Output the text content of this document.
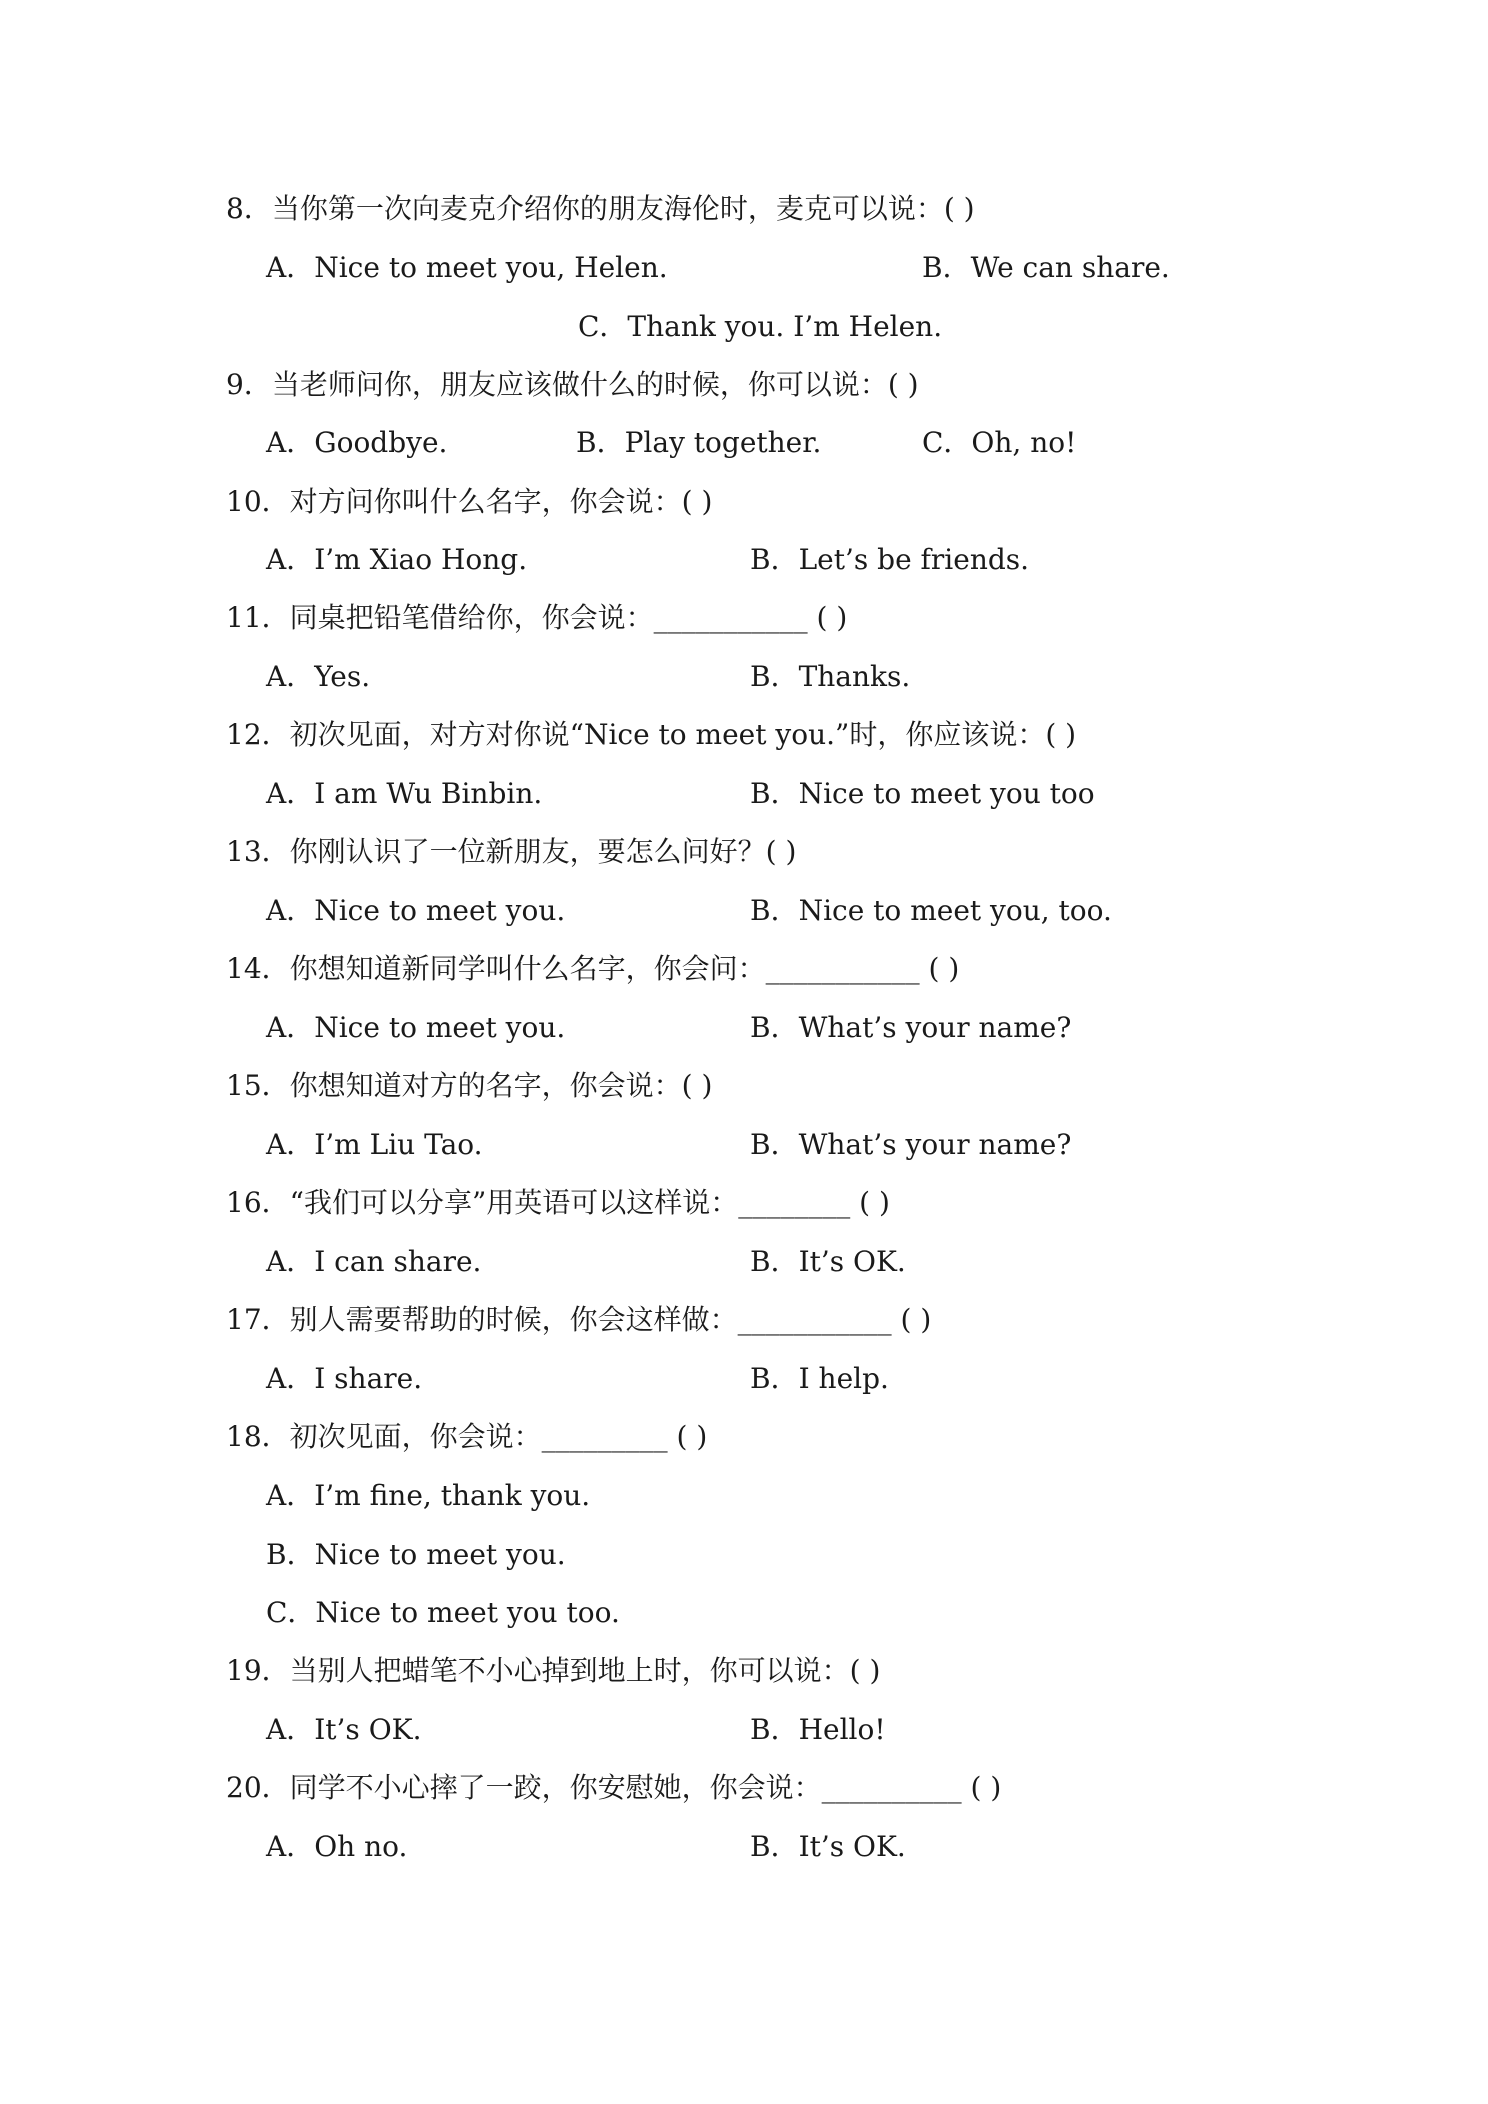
8．当你第一次向麦克介绍你的朋友海伦时，麦克可以说：( )
A．Nice to meet you, Helen.	B．We can share.
C．Thank you. I’m Helen.
9．当老师问你，朋友应该做什么的时候，你可以说：( )
A．Goodbye.	B．Play together.	C．Oh, no!
10．对方问你叫什么名字，你会说：( )
A．I’m Xiao Hong.	B．Let’s be friends.
11．同桌把铅笔借给你，你会说：___________ ( )
A．Yes.	B．Thanks.
12．初次见面，对方对你说“Nice to meet you.”时，你应该说：( )
A．I am Wu Binbin.	B．Nice to meet you too
13．你刚认识了一位新朋友，要怎么问好？( )
A．Nice to meet you.	B．Nice to meet you, too.
14．你想知道新同学叫什么名字，你会问：___________ ( )
A．Nice to meet you.	B．What’s your name?
15．你想知道对方的名字，你会说：( )
A．I’m Liu Tao.	B．What’s your name?
16．“我们可以分享”用英语可以这样说：________ ( )
A．I can share.	B．It’s OK.
17．别人需要帮助的时候，你会这样做：___________ ( )
A．I share.	B．I help.
18．初次见面，你会说：_________ ( )
A．I’m fine, thank you.
B．Nice to meet you.
C．Nice to meet you too.
19．当别人把蜡笔不小心掉到地上时，你可以说：( )
A．It’s OK.	B．Hello!
20．同学不小心摔了一跤，你安慰她，你会说：__________ ( )
A．Oh no.	B．It’s OK.
